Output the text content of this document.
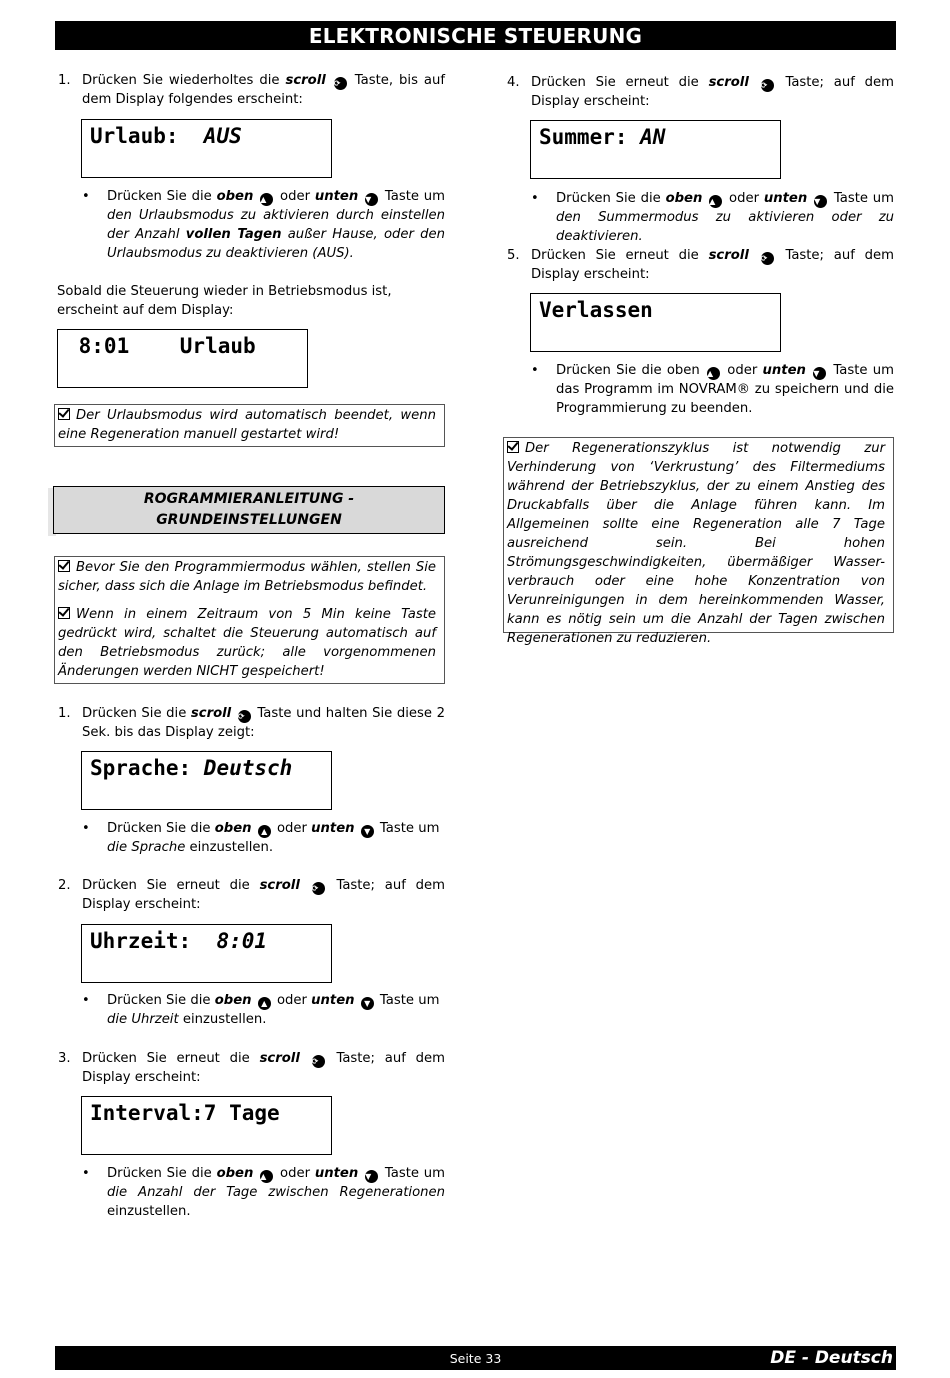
ELEKTRONISCHE STEUERUNG
1. Drücken Sie wiederholtes die scroll ⟳ Taste, bis auf dem Display folgendes erscheint:
Urlaub:  AUS
• Drücken Sie die oben ▲ oder unten ▼ Taste um den Urlaubsmodus zu aktivieren durch einstellen der Anzahl vollen Tagen außer Hause, oder den Urlaubsmodus zu deaktivieren (AUS).
Sobald die Steuerung wieder in Betriebsmodus ist, erscheint auf dem Display:
8:01    Urlaub

Der Urlaubsmodus wird automatisch beendet, wenn eine Regeneration manuell gestartet wird!

ROGRAMMIERANLEITUNG -
GRUNDEINSTELLUNGEN

Bevor Sie den Programmiermodus wählen, stellen Sie sicher, dass sich die Anlage im Betriebsmodus befindet.

Wenn in einem Zeitraum von 5 Min keine Taste gedrückt wird, schaltet die Steuerung automatisch auf den Betriebsmodus zurück; alle vorgenommenen Änderungen werden NICHT gespeichert!

1. Drücken Sie die scroll ⟳ Taste und halten Sie diese 2 Sek. bis das Display zeigt:
Sprache: Deutsch
• Drücken Sie die oben ▲ oder unten ▼ Taste um die Sprache einzustellen.
2. Drücken Sie erneut die scroll ⟳ Taste; auf dem Display erscheint:
Uhrzeit:  8:01
• Drücken Sie die oben ▲ oder unten ▼ Taste um die Uhrzeit einzustellen.
3. Drücken Sie erneut die scroll ⟳ Taste; auf dem Display erscheint:
Interval:7 Tage
• Drücken Sie die oben ▲ oder unten ▼ Taste um die Anzahl der Tage zwischen Regenerationen einzustellen.
4. Drücken Sie erneut die scroll ⟳ Taste; auf dem Display erscheint:
Summer: AN
• Drücken Sie die oben ▲ oder unten ▼ Taste um den Summermodus zu aktivieren oder zu deaktivieren.
5. Drücken Sie erneut die scroll ⟳ Taste; auf dem Display erscheint:
Verlassen
• Drücken Sie die oben ▲ oder unten ▼ Taste um das Programm im NOVRAM® zu speichern und die Programmierung zu beenden.

Der Regenerationszyklus ist notwendig zur Verhinderung von ‘Verkrustung’ des Filtermediums während der Betriebszyklus, der zu einem Anstieg des Druckabfalls über die Anlage führen kann. Im Allgemeinen sollte eine Regeneration alle 7 Tage ausreichend sein. Bei hohen Strömungsgeschwindigkeiten, übermäßiger Wasser-verbrauch oder eine hohe Konzentration von Verunreinigungen in dem hereinkommenden Wasser, kann es nötig sein um die Anzahl der Tagen zwischen Regenerationen zu reduzieren.

Seite 33	DE - Deutsch
